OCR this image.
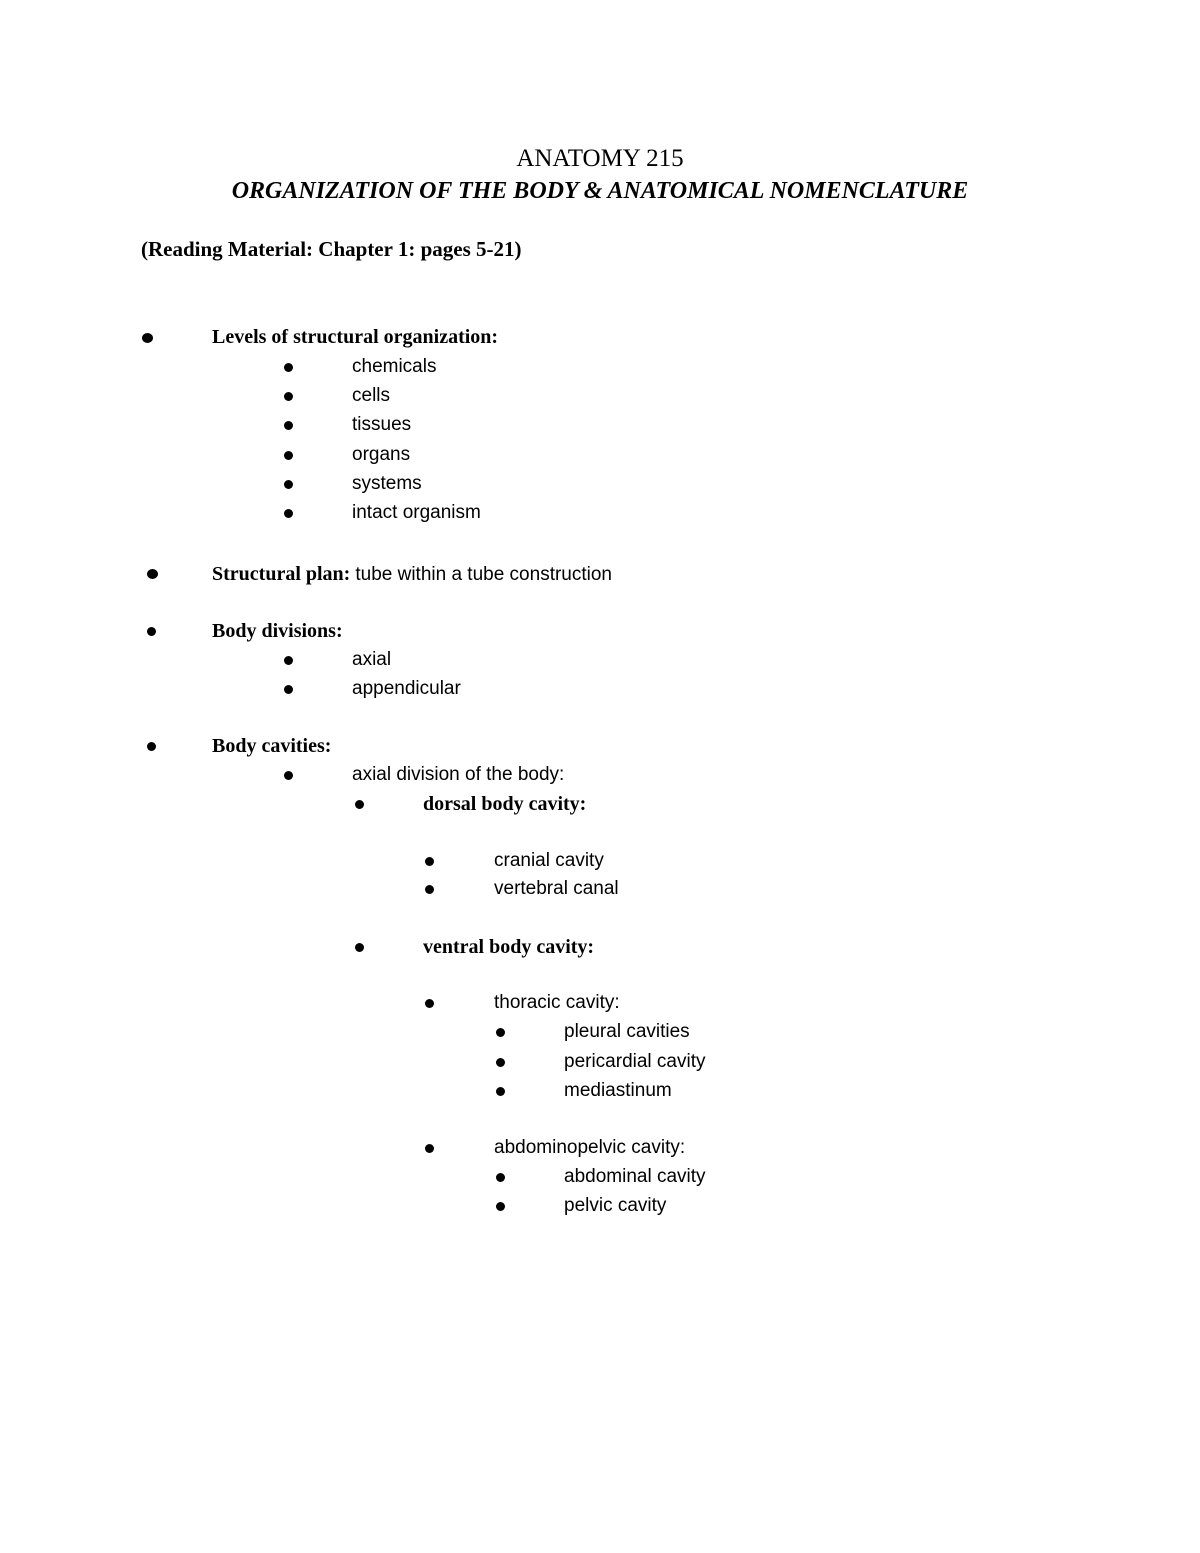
ANATOMY 215
ORGANIZATION OF THE BODY & ANATOMICAL NOMENCLATURE

(Reading Material: Chapter 1: pages 5-21)

Levels of structural organization:
chemicals
cells
tissues
organs
systems
intact organism
Structural plan: tube within a tube construction
Body divisions:
axial
appendicular
Body cavities:
axial division of the body:
dorsal body cavity:
cranial cavity
vertebral canal
ventral body cavity:
thoracic cavity:
pleural cavities
pericardial cavity
mediastinum
abdominopelvic cavity:
abdominal cavity
pelvic cavity
